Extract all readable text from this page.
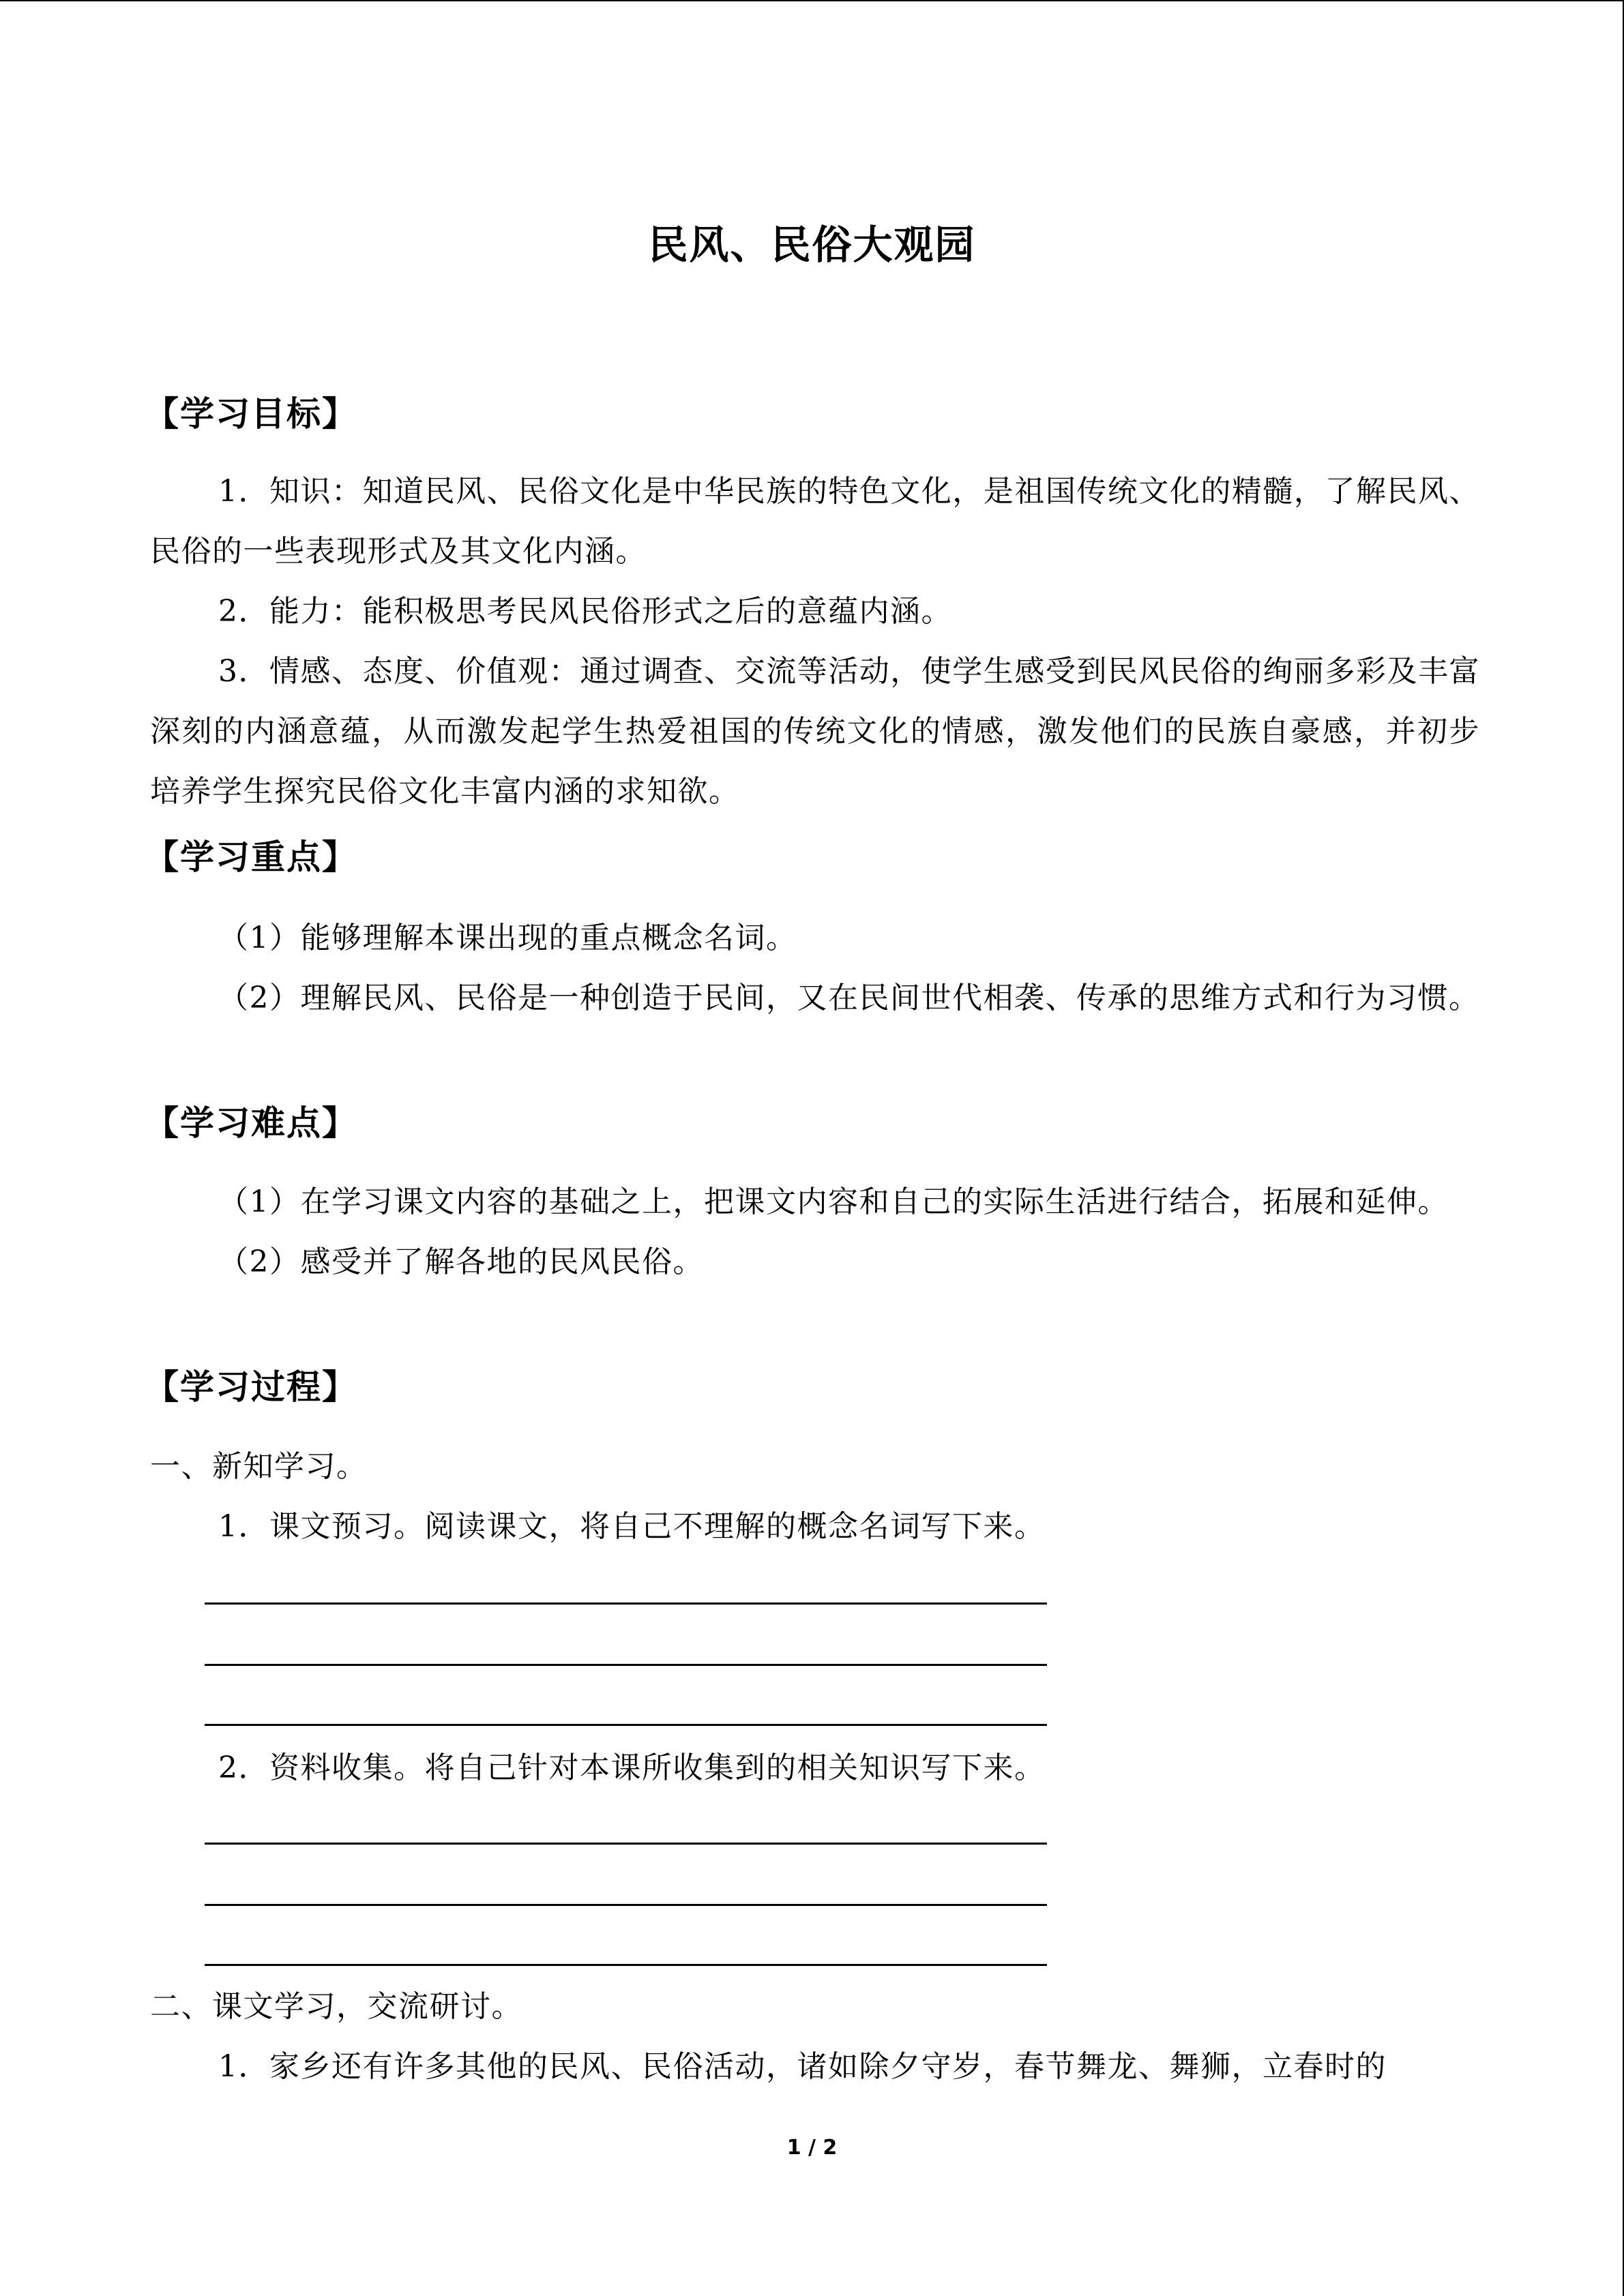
民风、民俗大观园
【学习目标】

1．知识：知道民风、民俗文化是中华民族的特色文化，是祖国传统文化的精髓，了解民风、民俗的一些表现形式及其文化内涵。

2．能力：能积极思考民风民俗形式之后的意蕴内涵。

3．情感、态度、价值观：通过调查、交流等活动，使学生感受到民风民俗的绚丽多彩及丰富深刻的内涵意蕴，从而激发起学生热爱祖国的传统文化的情感，激发他们的民族自豪感，并初步培养学生探究民俗文化丰富内涵的求知欲。

【学习重点】

（1）能够理解本课出现的重点概念名词。

（2）理解民风、民俗是一种创造于民间，又在民间世代相袭、传承的思维方式和行为习惯。

【学习难点】

（1）在学习课文内容的基础之上，把课文内容和自己的实际生活进行结合，拓展和延伸。

（2）感受并了解各地的民风民俗。

【学习过程】

一、新知学习。

1．课文预习。阅读课文，将自己不理解的概念名词写下来。

2．资料收集。将自己针对本课所收集到的相关知识写下来。

二、课文学习，交流研讨。

1．家乡还有许多其他的民风、民俗活动，诸如除夕守岁，春节舞龙、舞狮，立春时的

1 / 2
